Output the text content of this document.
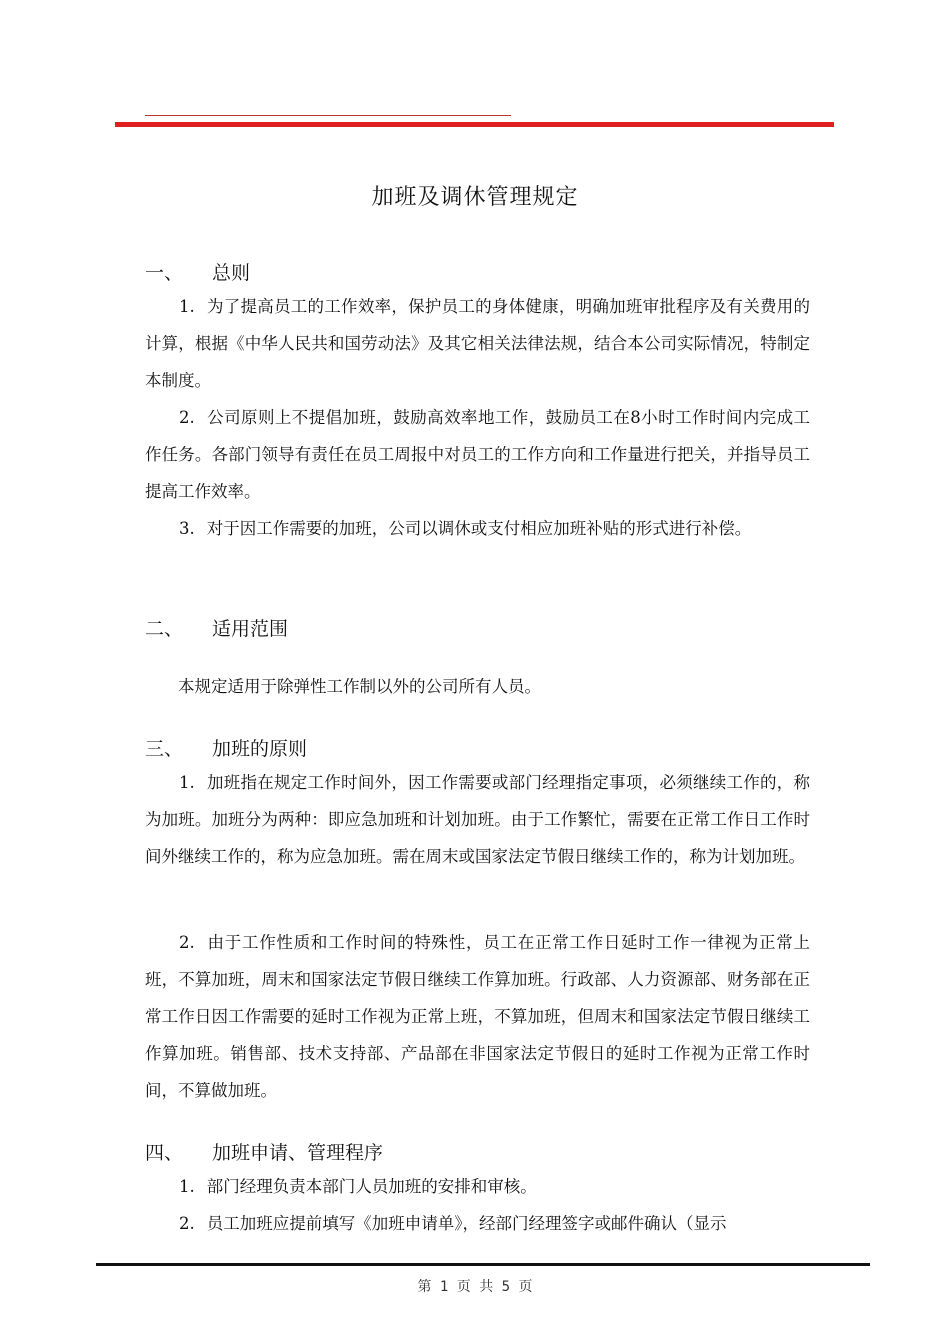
加班及调休管理规定
一、 总则
1. 为了提高员工的工作效率，保护员工的身体健康，明确加班审批程序及有关费用的计算，根据《中华人民共和国劳动法》及其它相关法律法规，结合本公司实际情况，特制定本制度。
2. 公司原则上不提倡加班，鼓励高效率地工作，鼓励员工在8小时工作时间内完成工作任务。各部门领导有责任在员工周报中对员工的工作方向和工作量进行把关，并指导员工提高工作效率。
3. 对于因工作需要的加班，公司以调休或支付相应加班补贴的形式进行补偿。
二、 适用范围
本规定适用于除弹性工作制以外的公司所有人员。
三、 加班的原则
1. 加班指在规定工作时间外，因工作需要或部门经理指定事项，必须继续工作的，称为加班。加班分为两种：即应急加班和计划加班。由于工作繁忙，需要在正常工作日工作时间外继续工作的，称为应急加班。需在周末或国家法定节假日继续工作的，称为计划加班。
2. 由于工作性质和工作时间的特殊性，员工在正常工作日延时工作一律视为正常上班，不算加班，周末和国家法定节假日继续工作算加班。行政部、人力资源部、财务部在正常工作日因工作需要的延时工作视为正常上班，不算加班，但周末和国家法定节假日继续工作算加班。销售部、技术支持部、产品部在非国家法定节假日的延时工作视为正常工作时间，不算做加班。
四、 加班申请、管理程序
1. 部门经理负责本部门人员加班的安排和审核。
2. 员工加班应提前填写《加班申请单》，经部门经理签字或邮件确认（显示
第 1 页 共 5 页
